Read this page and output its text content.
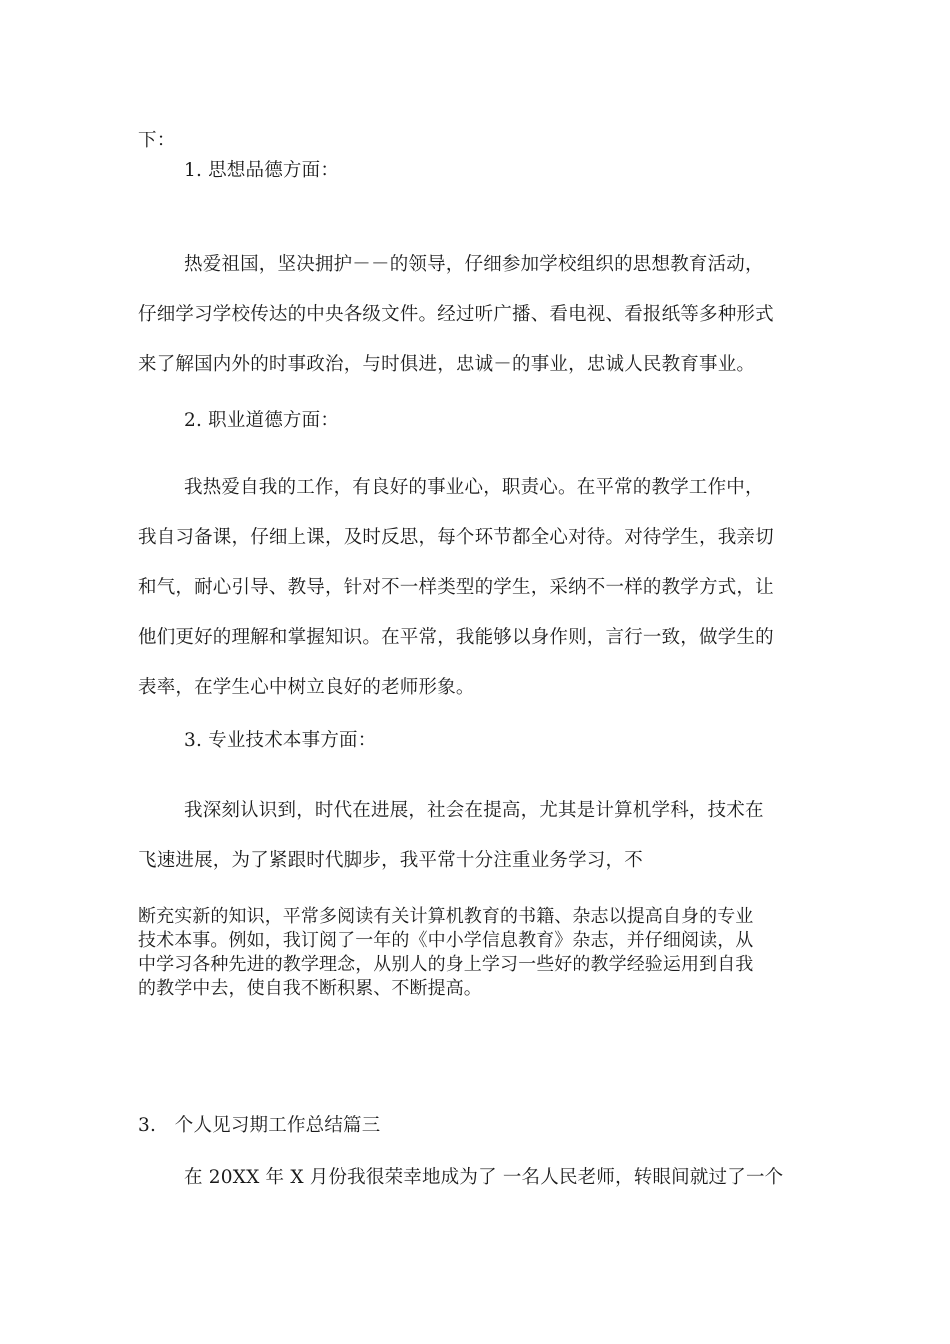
下：
1. 思想品德方面：
热爱祖国，坚决拥护－－的领导，仔细参加学校组织的思想教育活动，
仔细学习学校传达的中央各级文件。经过听广播、看电视、看报纸等多种形式
来了解国内外的时事政治，与时俱进，忠诚－的事业，忠诚人民教育事业。
2. 职业道德方面：
我热爱自我的工作，有良好的事业心，职责心。在平常的教学工作中，
我自习备课，仔细上课，及时反思，每个环节都全心对待。对待学生，我亲切
和气，耐心引导、教导，针对不一样类型的学生，采纳不一样的教学方式，让
他们更好的理解和掌握知识。在平常，我能够以身作则，言行一致，做学生的
表率，在学生心中树立良好的老师形象。
3. 专业技术本事方面：
我深刻认识到，时代在进展，社会在提高，尤其是计算机学科，技术在
飞速进展，为了紧跟时代脚步，我平常十分注重业务学习，不
断充实新的知识，平常多阅读有关计算机教育的书籍、杂志以提高自身的专业
技术本事。例如，我订阅了一年的《中小学信息教育》杂志，并仔细阅读，从
中学习各种先进的教学理念，从别人的身上学习一些好的教学经验运用到自我
的教学中去，使自我不断积累、不断提高。
3.　个人见习期工作总结篇三
在 20XX 年 X 月份我很荣幸地成为了 一名人民老师，转眼间就过了一个
